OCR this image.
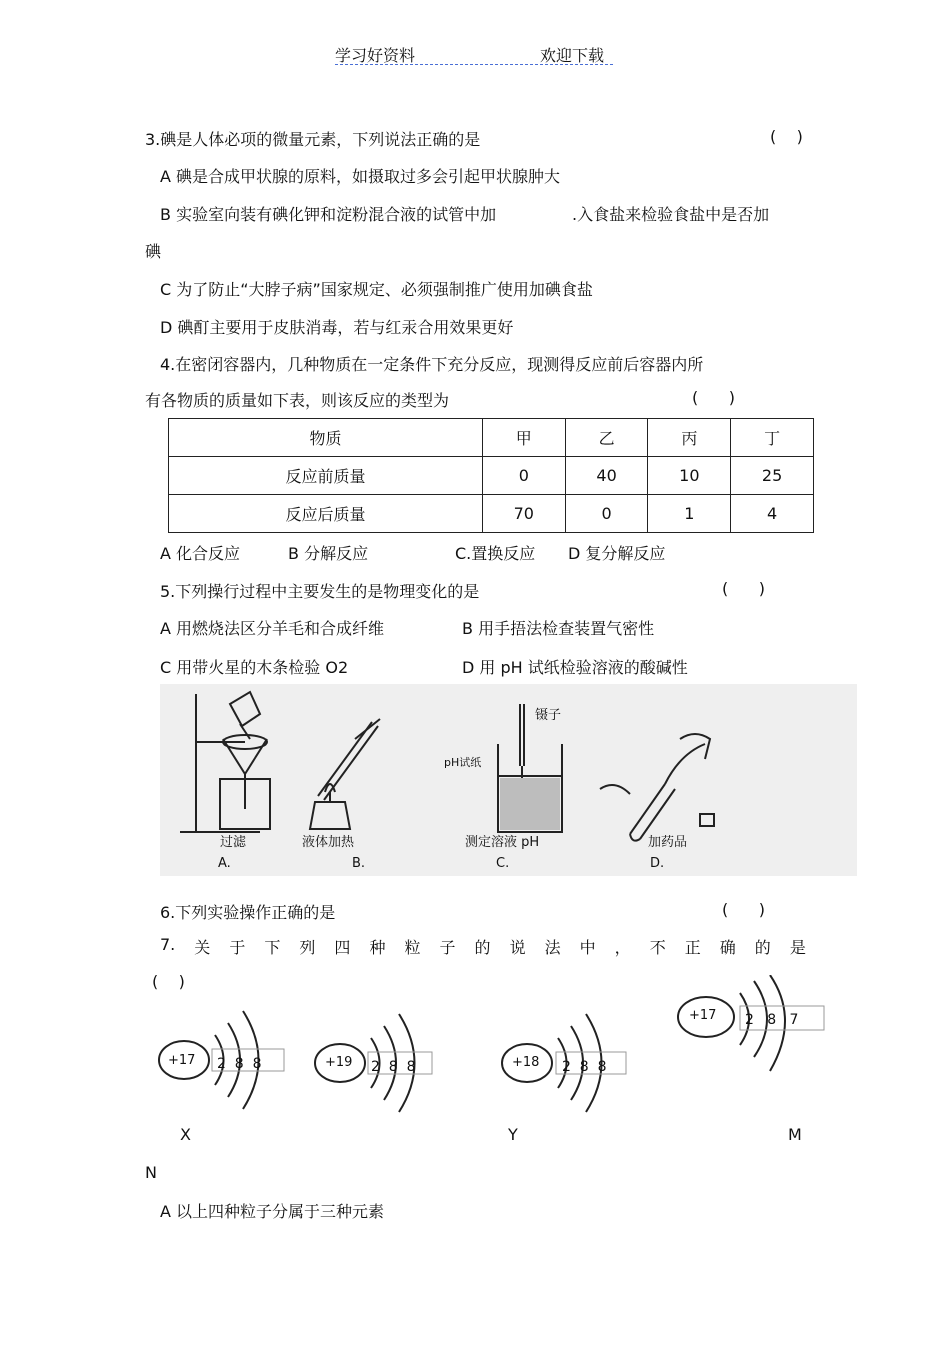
学习好资料	欢迎下载
3.碘是人体必项的微量元素，下列说法正确的是	(    )
A 碘是合成甲状腺的原料，如摄取过多会引起甲状腺肿大
B 实验室向装有碘化钾和淀粉混合液的试管中加	.入食盐来检验食盐中是否加
碘
C 为了防止“大脖子病”国家规定、必须强制推广使用加碘食盐
D 碘酊主要用于皮肤消毒，若与红汞合用效果更好
4.在密闭容器内，几种物质在一定条件下充分反应，现测得反应前后容器内所
有各物质的质量如下表，则该反应的类型为	(      )
物质	甲	乙	丙	丁
反应前质量	0	40	10	25
反应后质量	70	0	1	4
A 化合反应	B 分解反应	C.置换反应 D 复分解反应
5.下列操行过程中主要发生的是物理变化的是	(      )
A 用燃烧法区分羊毛和合成纤维	B 用手捂法检查装置气密性
C 用带火星的木条检验 O2	D 用 pH 试纸检验溶液的酸碱性
过滤	液体加热	测定溶液 pH	加药品
A.	B.	C.	D.
镊子
pH试纸
6.下列实验操作正确的是	(      )
7. 关 于 下 列 四 种 粒 子 的 说 法 中 ， 不 正 确 的 是
(    )
+17 2  8  8	+19 2  8  8	+18 2  8  8
+17 2   8   7
X	Y	M
N
A 以上四种粒子分属于三种元素
